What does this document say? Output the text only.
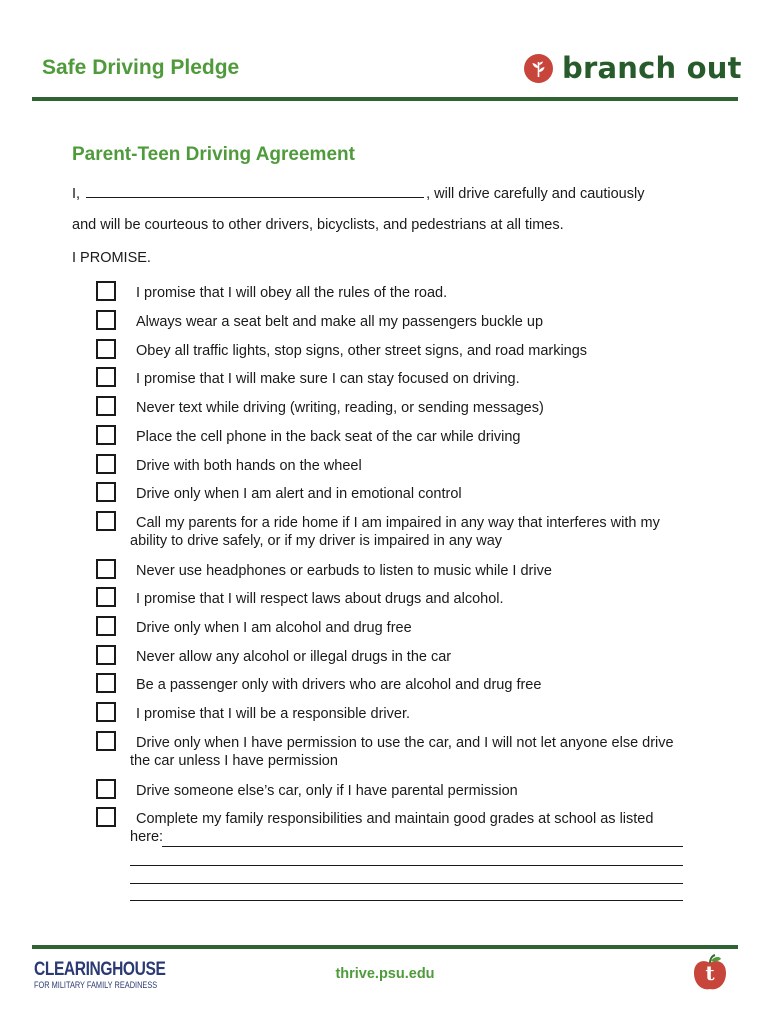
Safe Driving Pledge	branch out
Parent-Teen Driving Agreement
I,	, will drive carefully and cautiously
and will be courteous to other drivers, bicyclists, and pedestrians at all times.
I PROMISE.
I promise that I will obey all the rules of the road.
Always wear a seat belt and make all my passengers buckle up
Obey all traffic lights, stop signs, other street signs, and road markings
I promise that I will make sure I can stay focused on driving.
Never text while driving (writing, reading, or sending messages)
Place the cell phone in the back seat of the car while driving
Drive with both hands on the wheel
Drive only when I am alert and in emotional control
Call my parents for a ride home if I am impaired in any way that interferes with my ability to drive safely, or if my driver is impaired in any way
Never use headphones or earbuds to listen to music while I drive
I promise that I will respect laws about drugs and alcohol.
Drive only when I am alcohol and drug free
Never allow any alcohol or illegal drugs in the car
Be a passenger only with drivers who are alcohol and drug free
I promise that I will be a responsible driver.
Drive only when I have permission to use the car, and I will not let anyone else drive the car unless I have permission
Drive someone else’s car, only if I have parental permission
Complete my family responsibilities and maintain good grades at school as listed here:
CLEARINGHOUSE
FOR MILITARY FAMILY READINESS
thrive.psu.edu	t
